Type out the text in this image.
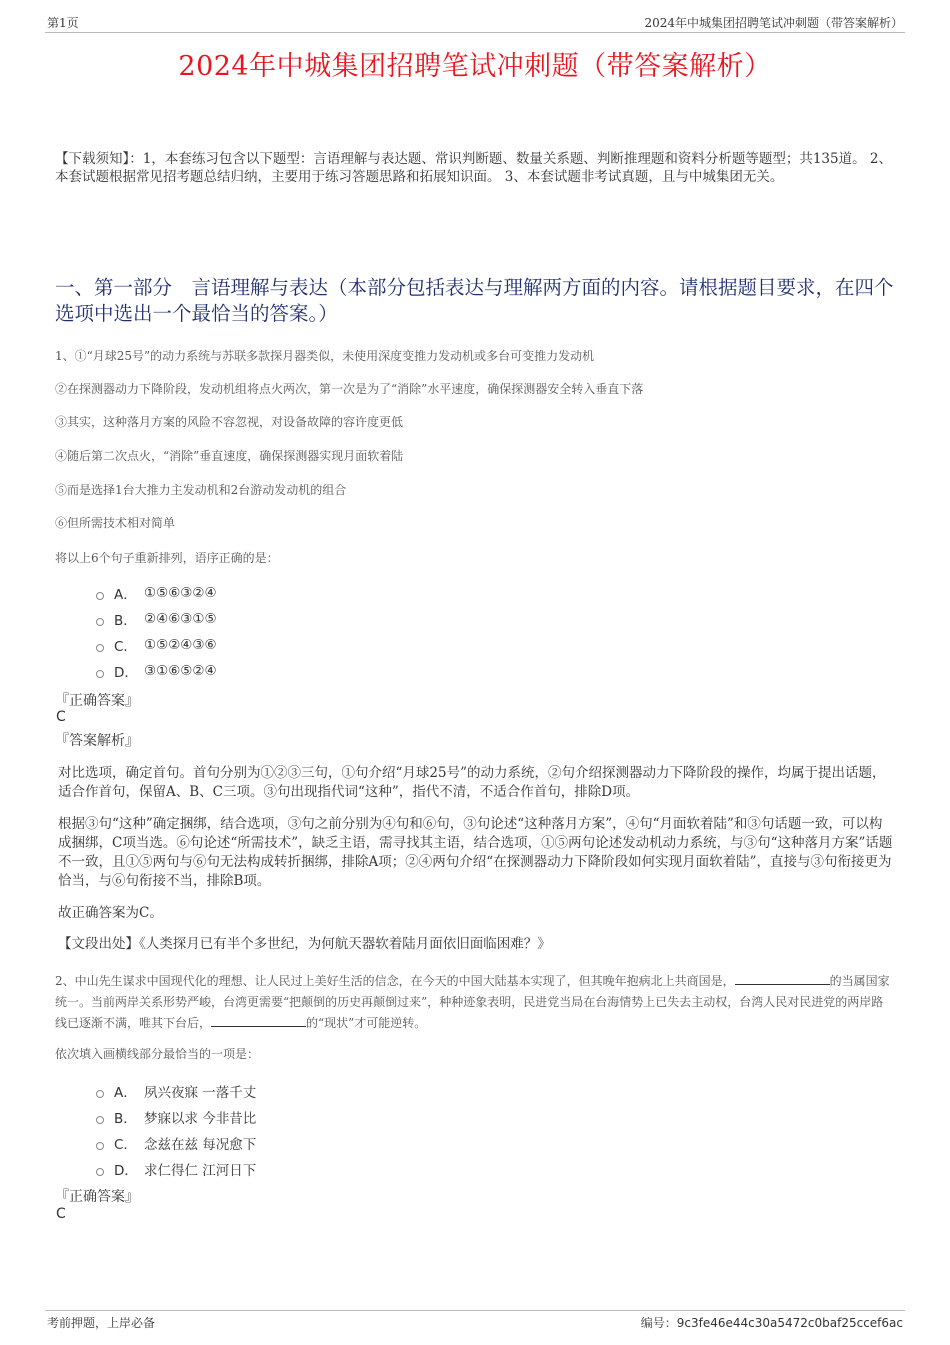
第1页	2024年中城集团招聘笔试冲刺题（带答案解析）
2024年中城集团招聘笔试冲刺题（带答案解析）
【下载须知】：1，本套练习包含以下题型：言语理解与表达题、常识判断题、数量关系题、判断推理题和资料分析题等题型；共135道。 2、本套试题根据常见招考题总结归纳，主要用于练习答题思路和拓展知识面。 3、本套试题非考试真题，且与中城集团无关。
一、第一部分　言语理解与表达（本部分包括表达与理解两方面的内容。请根据题目要求，在四个选项中选出一个最恰当的答案。）
1、①“月球25号”的动力系统与苏联多款探月器类似，未使用深度变推力发动机或多台可变推力发动机
②在探测器动力下降阶段，发动机组将点火两次，第一次是为了“消除”水平速度，确保探测器安全转入垂直下落
③其实，这种落月方案的风险不容忽视，对设备故障的容许度更低
④随后第二次点火，“消除”垂直速度，确保探测器实现月面软着陆
⑤而是选择1台大推力主发动机和2台游动发动机的组合
⑥但所需技术相对简单
将以上6个句子重新排列，语序正确的是：
A． ①⑤⑥③②④
B． ②④⑥③①⑤
C． ①⑤②④③⑥
D． ③①⑥⑤②④
『正确答案』
C
『答案解析』
对比选项，确定首句。首句分别为①②③三句，①句介绍“月球25号”的动力系统，②句介绍探测器动力下降阶段的操作，均属于提出话题，适合作首句，保留A、B、C三项。③句出现指代词“这种”，指代不清，不适合作首句，排除D项。
根据③句“这种”确定捆绑，结合选项，③句之前分别为④句和⑥句，③句论述“这种落月方案”，④句“月面软着陆”和③句话题一致，可以构成捆绑，C项当选。⑥句论述“所需技术”，缺乏主语，需寻找其主语，结合选项，①⑤两句论述发动机动力系统，与③句“这种落月方案”话题不一致，且①⑤两句与⑥句无法构成转折捆绑，排除A项；②④两句介绍“在探测器动力下降阶段如何实现月面软着陆”，直接与③句衔接更为恰当，与⑥句衔接不当，排除B项。
故正确答案为C。
【文段出处】《人类探月已有半个多世纪，为何航天器软着陆月面依旧面临困难？》
2、中山先生谋求中国现代化的理想、让人民过上美好生活的信念，在今天的中国大陆基本实现了，但其晚年抱病北上共商国是，	的当属国家统一。当前两岸关系形势严峻，台湾更需要“把颠倒的历史再颠倒过来”，种种迹象表明，民进党当局在台海情势上已失去主动权，台湾人民对民进党的两岸路线已逐渐不满，唯其下台后，	的“现状”才可能逆转。
依次填入画横线部分最恰当的一项是：
A． 夙兴夜寐 一落千丈
B． 梦寐以求 今非昔比
C． 念兹在兹 每况愈下
D． 求仁得仁 江河日下
『正确答案』
C
考前押题，上岸必备	编号：9c3fe46e44c30a5472c0baf25ccef6ac
